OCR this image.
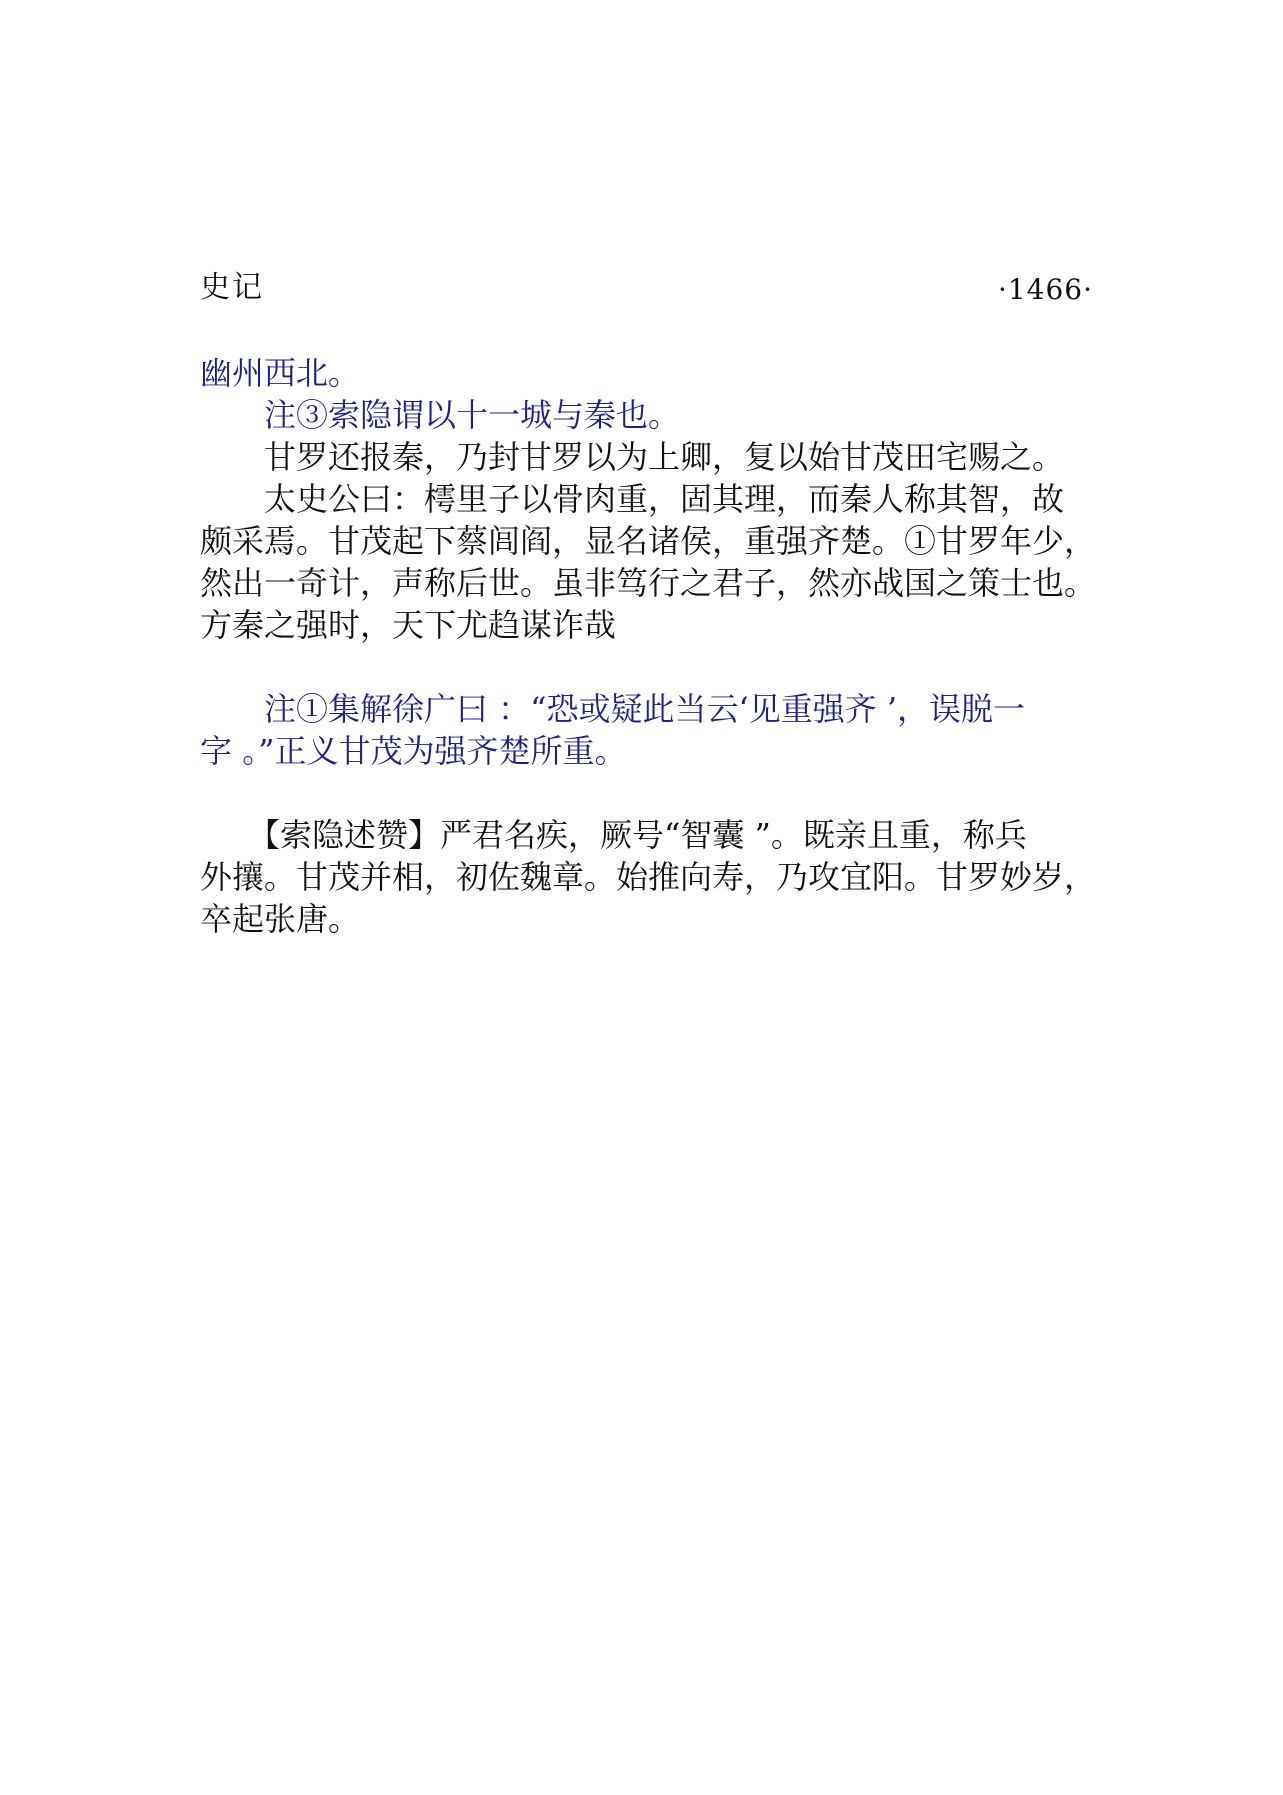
史记	·1466·

幽州西北。

　　注③索隐谓以十一城与秦也。

　　甘罗还报秦，乃封甘罗以为上卿，复以始甘茂田宅赐之。

　　太史公曰：樗里子以骨肉重，固其理，而秦人称其智，故

颇采焉。甘茂起下蔡闾阎，显名诸侯，重强齐楚。①甘罗年少，

然出一奇计，声称后世。虽非笃行之君子，然亦战国之策士也。

方秦之强时，天下尤趋谋诈哉

　　注①集解徐广曰 ：“恐或疑此当云‘见重强齐 ’，误脱一

字 。”正义甘茂为强齐楚所重。

　　【索隐述赞】严君名疾，厥号“智囊 ”。既亲且重，称兵

外攘。甘茂并相，初佐魏章。始推向寿，乃攻宜阳。甘罗妙岁，

卒起张唐。
